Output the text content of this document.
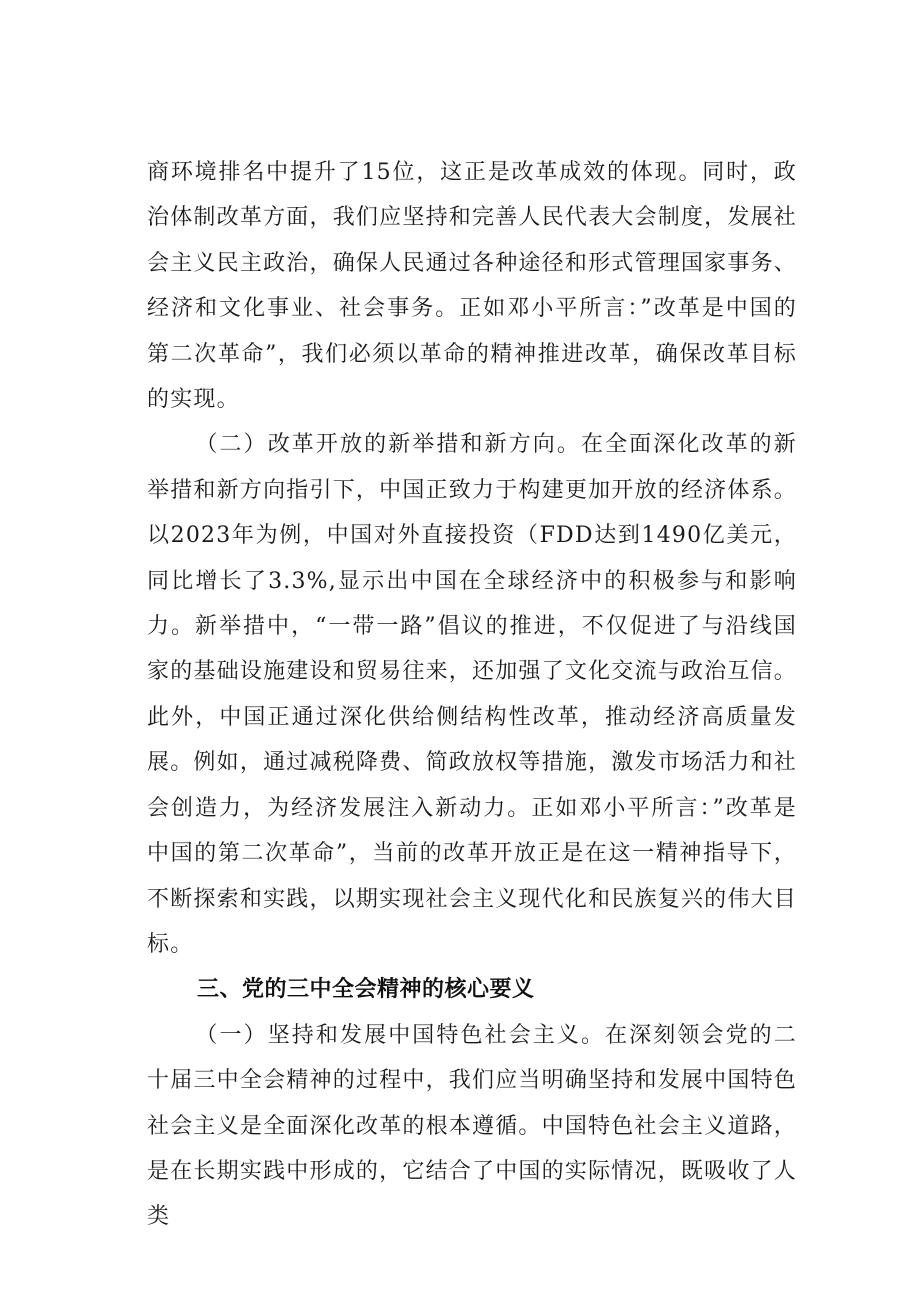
商环境排名中提升了15位，这正是改革成效的体现。同时，政治体制改革方面，我们应坚持和完善人民代表大会制度，发展社会主义民主政治，确保人民通过各种途径和形式管理国家事务、经济和文化事业、社会事务。正如邓小平所言：”改革是中国的第二次革命”，我们必须以革命的精神推进改革，确保改革目标的实现。

（二）改革开放的新举措和新方向。在全面深化改革的新举措和新方向指引下，中国正致力于构建更加开放的经济体系。以2023年为例，中国对外直接投资（FDD达到1490亿美元，同比增长了3.3%,显示出中国在全球经济中的积极参与和影响力。新举措中，“一带一路”倡议的推进，不仅促进了与沿线国家的基础设施建设和贸易往来，还加强了文化交流与政治互信。此外，中国正通过深化供给侧结构性改革，推动经济高质量发展。例如，通过减税降费、简政放权等措施，激发市场活力和社会创造力，为经济发展注入新动力。正如邓小平所言：”改革是中国的第二次革命”，当前的改革开放正是在这一精神指导下，不断探索和实践，以期实现社会主义现代化和民族复兴的伟大目标。

三、党的三中全会精神的核心要义

（一）坚持和发展中国特色社会主义。在深刻领会党的二十届三中全会精神的过程中，我们应当明确坚持和发展中国特色社会主义是全面深化改革的根本遵循。中国特色社会主义道路，是在长期实践中形成的，它结合了中国的实际情况，既吸收了人类
